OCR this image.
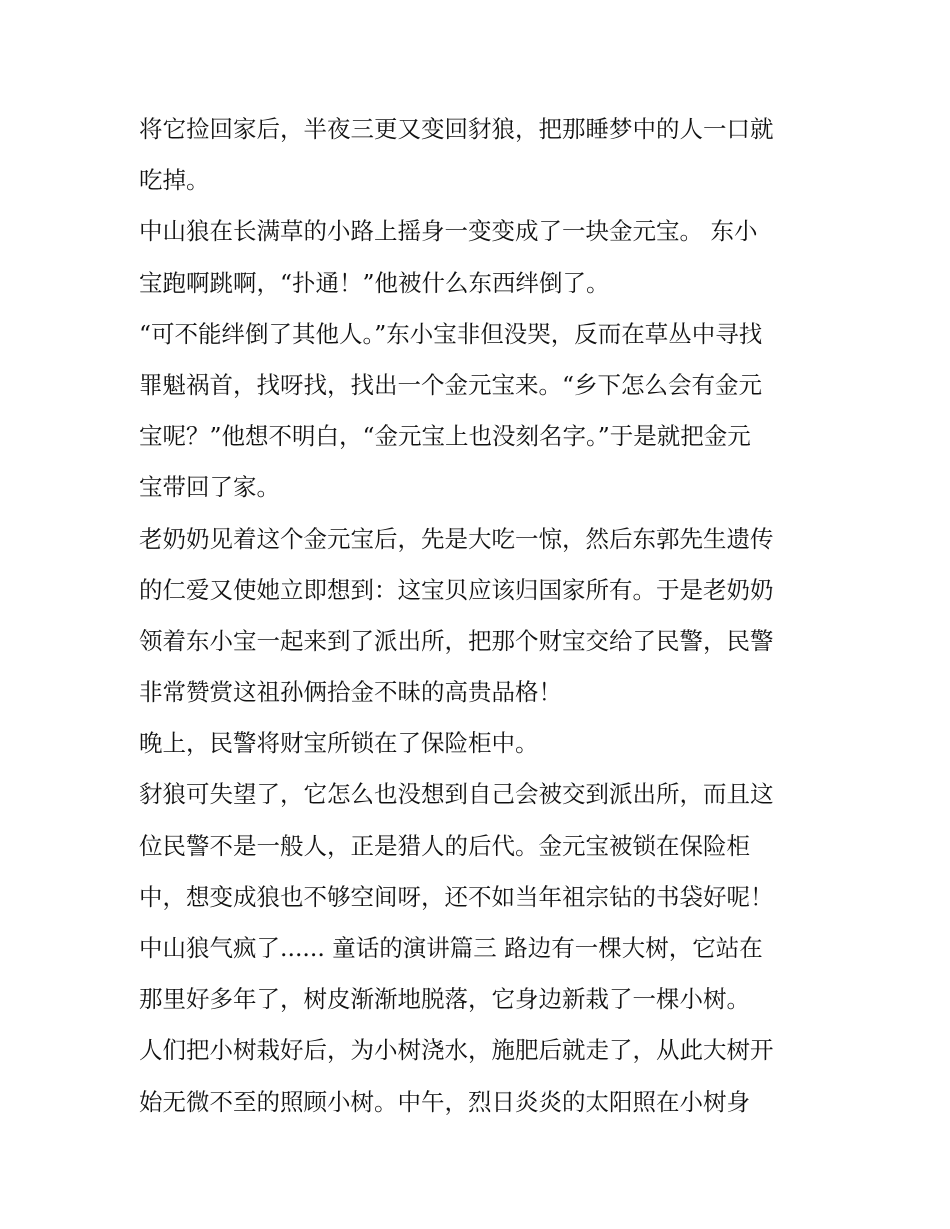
将它捡回家后，半夜三更又变回豺狼，把那睡梦中的人一口就
吃掉。
中山狼在长满草的小路上摇身一变变成了一块金元宝。 东小
宝跑啊跳啊，“扑通！”他被什么东西绊倒了。
“可不能绊倒了其他人。”东小宝非但没哭，反而在草丛中寻找
罪魁祸首，找呀找，找出一个金元宝来。“乡下怎么会有金元
宝呢？”他想不明白，“金元宝上也没刻名字。”于是就把金元
宝带回了家。
老奶奶见着这个金元宝后，先是大吃一惊，然后东郭先生遗传
的仁爱又使她立即想到：这宝贝应该归国家所有。于是老奶奶
领着东小宝一起来到了派出所，把那个财宝交给了民警，民警
非常赞赏这祖孙俩拾金不昧的高贵品格！
晚上，民警将财宝所锁在了保险柜中。
豺狼可失望了，它怎么也没想到自己会被交到派出所，而且这
位民警不是一般人，正是猎人的后代。金元宝被锁在保险柜
中，想变成狼也不够空间呀，还不如当年祖宗钻的书袋好呢！
中山狼气疯了...... 童话的演讲篇三 路边有一棵大树，它站在
那里好多年了，树皮渐渐地脱落，它身边新栽了一棵小树。
人们把小树栽好后，为小树浇水，施肥后就走了，从此大树开
始无微不至的照顾小树。中午，烈日炎炎的太阳照在小树身
